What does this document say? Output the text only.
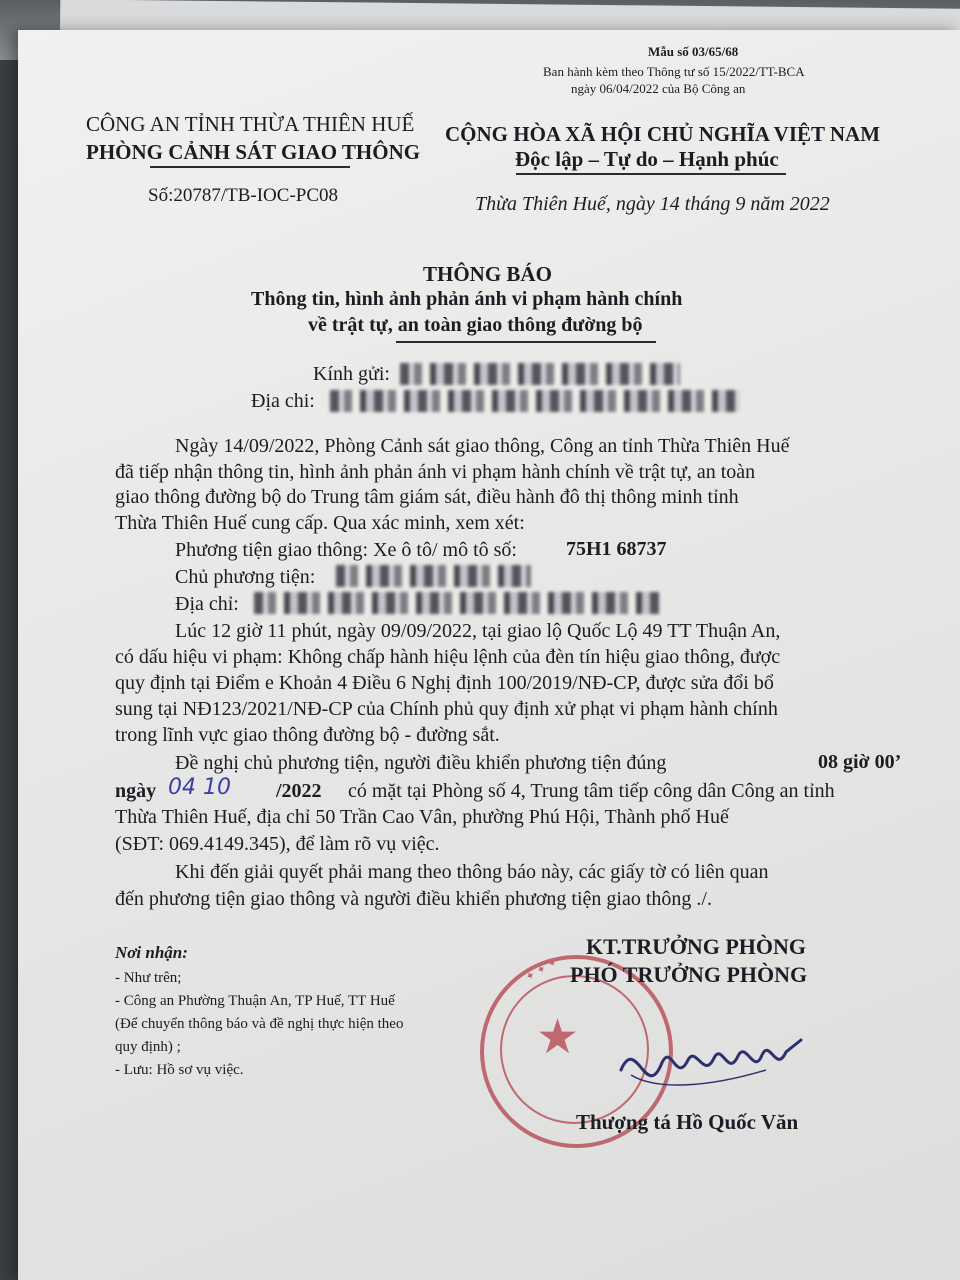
Mẫu số 03/65/68
Ban hành kèm theo Thông tư số 15/2022/TT-BCA
ngày 06/04/2022 của Bộ Công an
CÔNG AN TỈNH THỪA THIÊN HUẾ
PHÒNG CẢNH SÁT GIAO THÔNG
Số:20787/TB-IOC-PC08
CỘNG HÒA XÃ HỘI CHỦ NGHĨA VIỆT NAM
Độc lập – Tự do – Hạnh phúc
Thừa Thiên Huế, ngày 14 tháng 9 năm 2022
THÔNG BÁO
Thông tin, hình ảnh phản ánh vi phạm hành chính
về trật tự, an toàn giao thông đường bộ
Kính gửi:
Địa chi:
Ngày 14/09/2022, Phòng Cảnh sát giao thông, Công an tỉnh Thừa Thiên Huế
đã tiếp nhận thông tin, hình ảnh phản ánh vi phạm hành chính về trật tự, an toàn
giao thông đường bộ do Trung tâm giám sát, điều hành đô thị thông minh tỉnh
Thừa Thiên Huế cung cấp. Qua xác minh, xem xét:
Phương tiện giao thông: Xe ô tô/ mô tô số: 75H1 68737
Chủ phương tiện:
Địa chỉ:
Lúc 12 giờ 11 phút, ngày 09/09/2022, tại giao lộ Quốc Lộ 49 TT Thuận An,
có dấu hiệu vi phạm: Không chấp hành hiệu lệnh của đèn tín hiệu giao thông, được
quy định tại Điểm e Khoản 4 Điều 6 Nghị định 100/2019/NĐ-CP, được sửa đổi bổ
sung tại NĐ123/2021/NĐ-CP của Chính phủ quy định xử phạt vi phạm hành chính
trong lĩnh vực giao thông đường bộ - đường sắt.
Đề nghị chủ phương tiện, người điều khiển phương tiện đúng	08 giờ 00’
ngày 04 10 /2022 có mặt tại Phòng số 4, Trung tâm tiếp công dân Công an tỉnh
Thừa Thiên Huế, địa chỉ 50 Trần Cao Vân, phường Phú Hội, Thành phố Huế
(SĐT: 069.4149.345), để làm rõ vụ việc.
Khi đến giải quyết phải mang theo thông báo này, các giấy tờ có liên quan
đến phương tiện giao thông và người điều khiển phương tiện giao thông ./.
Nơi nhận:
- Như trên;
- Công an Phường Thuận An, TP Huế, TT Huế
(Để chuyển thông báo và đề nghị thực hiện theo
quy định) ;
- Lưu: Hồ sơ vụ việc.
★
✦ ✦ ✦
KT.TRƯỞNG PHÒNG
PHÓ TRƯỞNG PHÒNG
Thượng tá Hồ Quốc Văn
